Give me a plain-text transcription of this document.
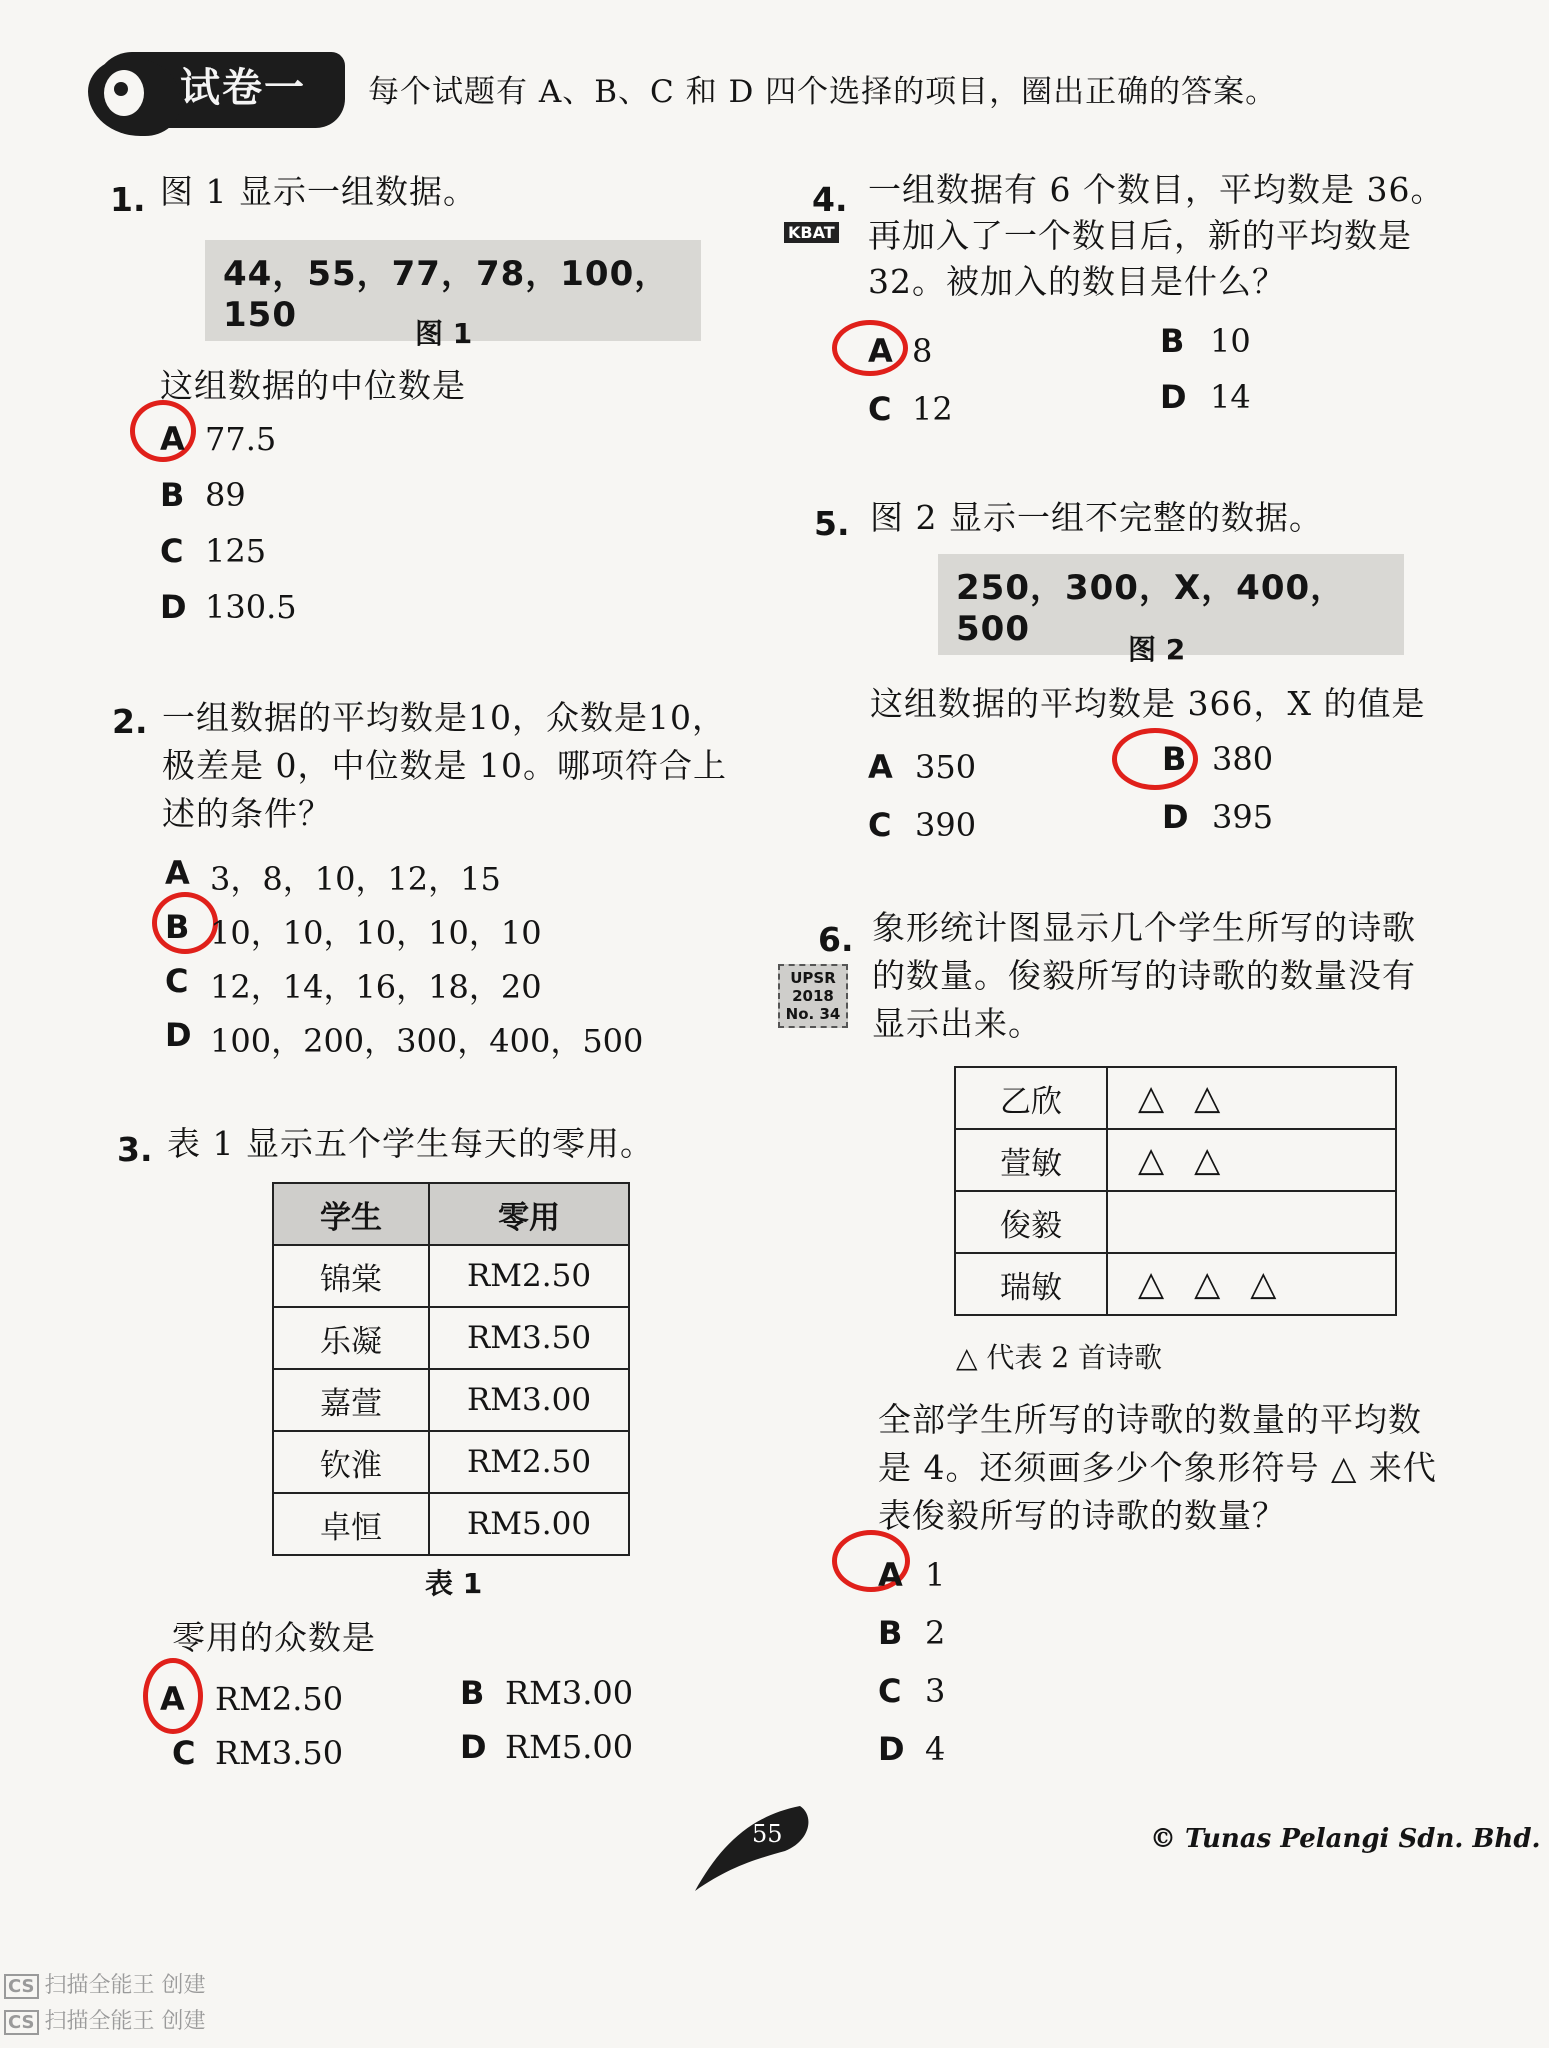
试卷一 每个试题有 A、B、C 和 D 四个选择的项目，圈出正确的答案。
1. 图 1 显示一组数据。
44，55，77，78，100，150	图 1
这组数据的中位数是
A 77.5
B 89
C 125
D 130.5
2. 一组数据的平均数是10，众数是10，
极差是 0，中位数是 10。哪项符合上
述的条件？
A 3，8，10，12，15
B 10，10，10，10，10
C 12，14，16，18，20
D 100，200，300，400，500
3. 表 1 显示五个学生每天的零用。
学生	零用
锦棠	RM2.50
乐凝	RM3.50
嘉萱	RM3.00
钦淮	RM2.50
卓恒	RM5.00
表 1
零用的众数是
A RM2.50	B RM3.00
C RM3.50	D RM5.00
4.
KBAT
一组数据有 6 个数目，平均数是 36。
再加入了一个数目后，新的平均数是
32。被加入的数目是什么？
A 8	B 10
C 12	D 14
5. 图 2 显示一组不完整的数据。
250，300，X，400，500
图 2
这组数据的平均数是 366，X 的值是
A 350	B 380
C 390	D 395
6.
UPSR
2018
No. 34
象形统计图显示几个学生所写的诗歌
的数量。俊毅所写的诗歌的数量没有
显示出来。
乙欣	△△
萱敏	△△
俊毅	
瑞敏	△△△
△ 代表 2 首诗歌
全部学生所写的诗歌的数量的平均数
是 4。还须画多少个象形符号 △ 来代
表俊毅所写的诗歌的数量？
A 1
B 2
C 3
D 4
55	© Tunas Pelangi Sdn. Bhd.
CS 扫描全能王 创建
CS 扫描全能王 创建
